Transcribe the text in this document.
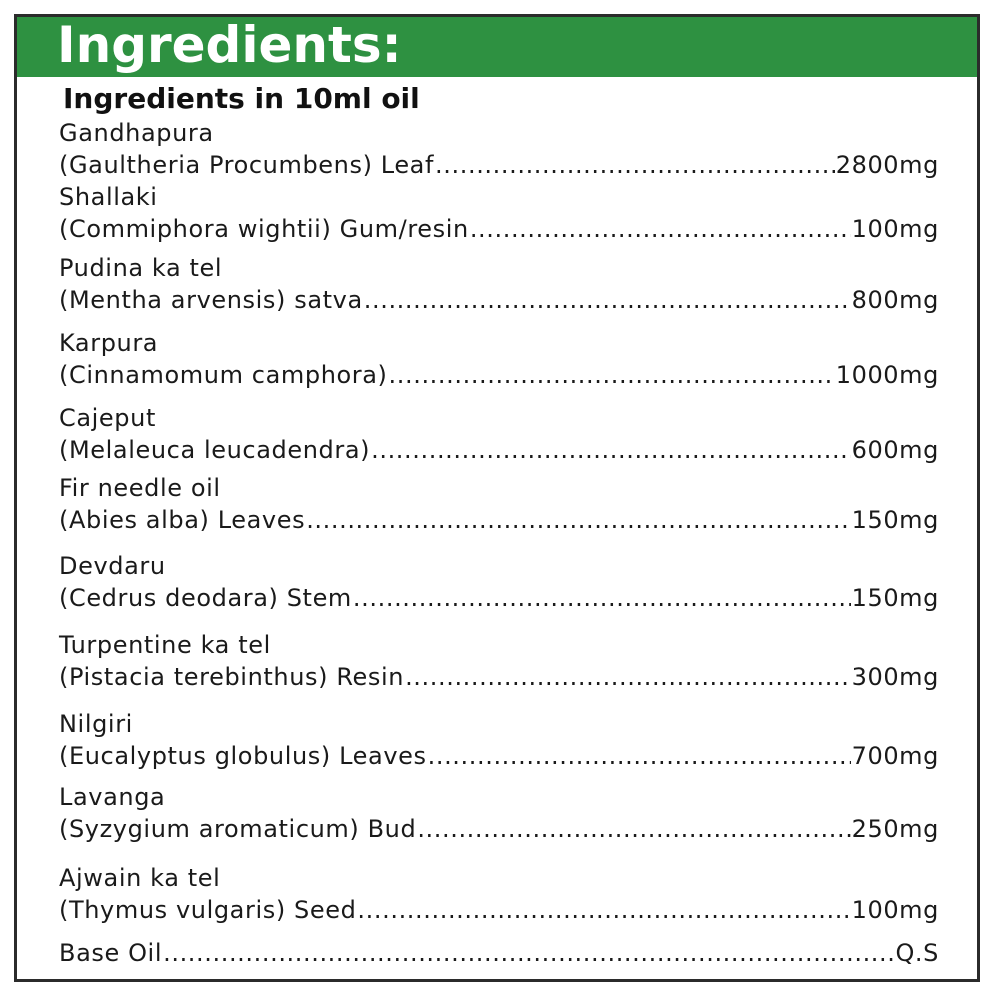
Ingredients:
Ingredients in 10ml oil
Gandhapura
(Gaultheria Procumbens) Leaf .....	2800mg
Shallaki
(Commiphora wightii) Gum/resin .....	100mg
Pudina ka tel
(Mentha arvensis) satva .....	800mg
Karpura
(Cinnamomum camphora) .....	1000mg
Cajeput
(Melaleuca leucadendra) .....	600mg
Fir needle oil
(Abies alba) Leaves .....	150mg
Devdaru
(Cedrus deodara) Stem .....	150mg
Turpentine ka tel
(Pistacia terebinthus) Resin .....	300mg
Nilgiri
(Eucalyptus globulus) Leaves .....	700mg
Lavanga
(Syzygium aromaticum) Bud .....	250mg
Ajwain ka tel
(Thymus vulgaris) Seed .....	100mg
Base Oil .....	Q.S
